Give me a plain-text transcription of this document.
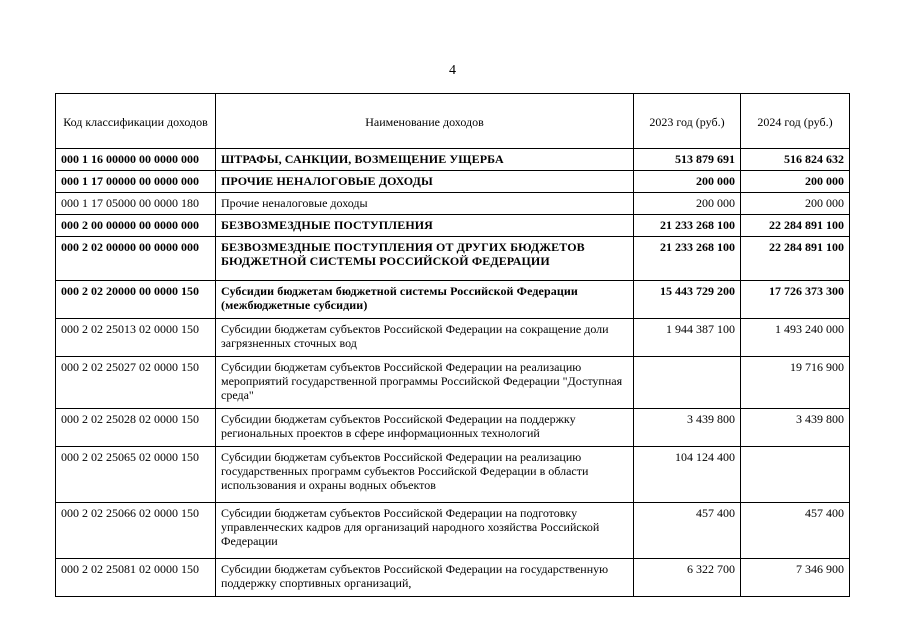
4
Код классификации доходов	Наименование доходов	2023 год (руб.)	2024 год (руб.)
000 1 16 00000 00 0000 000	ШТРАФЫ, САНКЦИИ, ВОЗМЕЩЕНИЕ УЩЕРБА	513 879 691	516 824 632
000 1 17 00000 00 0000 000	ПРОЧИЕ НЕНАЛОГОВЫЕ ДОХОДЫ	200 000	200 000
000 1 17 05000 00 0000 180	Прочие неналоговые доходы	200 000	200 000
000 2 00 00000 00 0000 000	БЕЗВОЗМЕЗДНЫЕ ПОСТУПЛЕНИЯ	21 233 268 100	22 284 891 100
000 2 02 00000 00 0000 000	БЕЗВОЗМЕЗДНЫЕ ПОСТУПЛЕНИЯ ОТ ДРУГИХ БЮДЖЕТОВ БЮДЖЕТНОЙ СИСТЕМЫ РОССИЙСКОЙ ФЕДЕРАЦИИ	21 233 268 100	22 284 891 100
000 2 02 20000 00 0000 150	Субсидии бюджетам бюджетной системы Российской Федерации (межбюджетные субсидии)	15 443 729 200	17 726 373 300
000 2 02 25013 02 0000 150	Субсидии бюджетам субъектов Российской Федерации на сокращение доли загрязненных сточных вод	1 944 387 100	1 493 240 000
000 2 02 25027 02 0000 150	Субсидии бюджетам субъектов Российской Федерации на реализацию мероприятий государственной программы Российской Федерации "Доступная среда"		19 716 900
000 2 02 25028 02 0000 150	Субсидии бюджетам субъектов Российской Федерации на поддержку региональных проектов в сфере информационных технологий	3 439 800	3 439 800
000 2 02 25065 02 0000 150	Субсидии бюджетам субъектов Российской Федерации на реализацию государственных программ субъектов Российской Федерации в области использования и охраны водных объектов	104 124 400	
000 2 02 25066 02 0000 150	Субсидии бюджетам субъектов Российской Федерации на подготовку управленческих кадров для организаций народного хозяйства Российской Федерации	457 400	457 400
000 2 02 25081 02 0000 150	Субсидии бюджетам субъектов Российской Федерации на государственную поддержку спортивных организаций,	6 322 700	7 346 900
